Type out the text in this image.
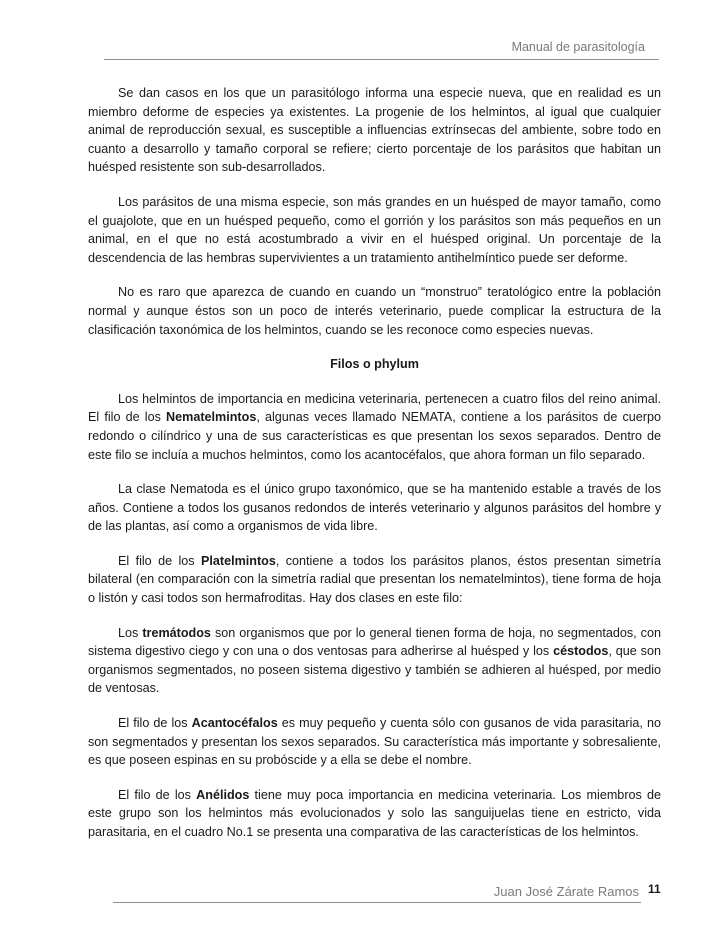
Manual de parasitología

Se dan casos en los que un parasitólogo informa una especie nueva, que en realidad es un miembro deforme de especies ya existentes. La progenie de los helmintos, al igual que cualquier animal de reproducción sexual, es susceptible a influencias extrínsecas del ambiente, sobre todo en cuanto a desarrollo y tamaño corporal se refiere; cierto porcentaje de los parásitos que habitan un huésped resistente son sub-desarrollados.

Los parásitos de una misma especie, son más grandes en un huésped de mayor tamaño, como el guajolote, que en un huésped pequeño, como el gorrión y los parásitos son más pequeños en un animal, en el que no está acostumbrado a vivir en el huésped original. Un porcentaje de la descendencia de las hembras supervivientes a un tratamiento antihelmíntico puede ser deforme.

No es raro que aparezca de cuando en cuando un “monstruo” teratológico entre la población normal y aunque éstos son un poco de interés veterinario, puede complicar la estructura de la clasificación taxonómica de los helmintos, cuando se les reconoce como especies nuevas.

Filos o phylum

Los helmintos de importancia en medicina veterinaria, pertenecen a cuatro filos del reino animal. El filo de los Nematelmintos, algunas veces llamado NEMATA, contiene a los parásitos de cuerpo redondo o cilíndrico y una de sus características es que presentan los sexos separados. Dentro de este filo se incluía a muchos helmintos, como los acantocéfalos, que ahora forman un filo separado.

La clase Nematoda es el único grupo taxonómico, que se ha mantenido estable a través de los años. Contiene a todos los gusanos redondos de interés veterinario y algunos parásitos del hombre y de las plantas, así como a organismos de vida libre.

El filo de los Platelmintos, contiene a todos los parásitos planos, éstos presentan simetría bilateral (en comparación con la simetría radial que presentan los nematelmintos), tiene forma de hoja o listón y casi todos son hermafroditas. Hay dos clases en este filo:

Los tremátodos son organismos que por lo general tienen forma de hoja, no segmentados, con sistema digestivo ciego y con una o dos ventosas para adherirse al huésped y los céstodos, que son organismos segmentados, no poseen sistema digestivo y también se adhieren al huésped, por medio de ventosas.

El filo de los Acantocéfalos es muy pequeño y cuenta sólo con gusanos de vida parasitaria, no son segmentados y presentan los sexos separados. Su característica más importante y sobresaliente, es que poseen espinas en su probóscide y a ella se debe el nombre.

El filo de los Anélidos tiene muy poca importancia en medicina veterinaria. Los miembros de este grupo son los helmintos más evolucionados y solo las sanguijuelas tiene en estricto, vida parasitaria, en el cuadro No.1 se presenta una comparativa de las características de los helmintos.

Juan José Zárate Ramos 11
